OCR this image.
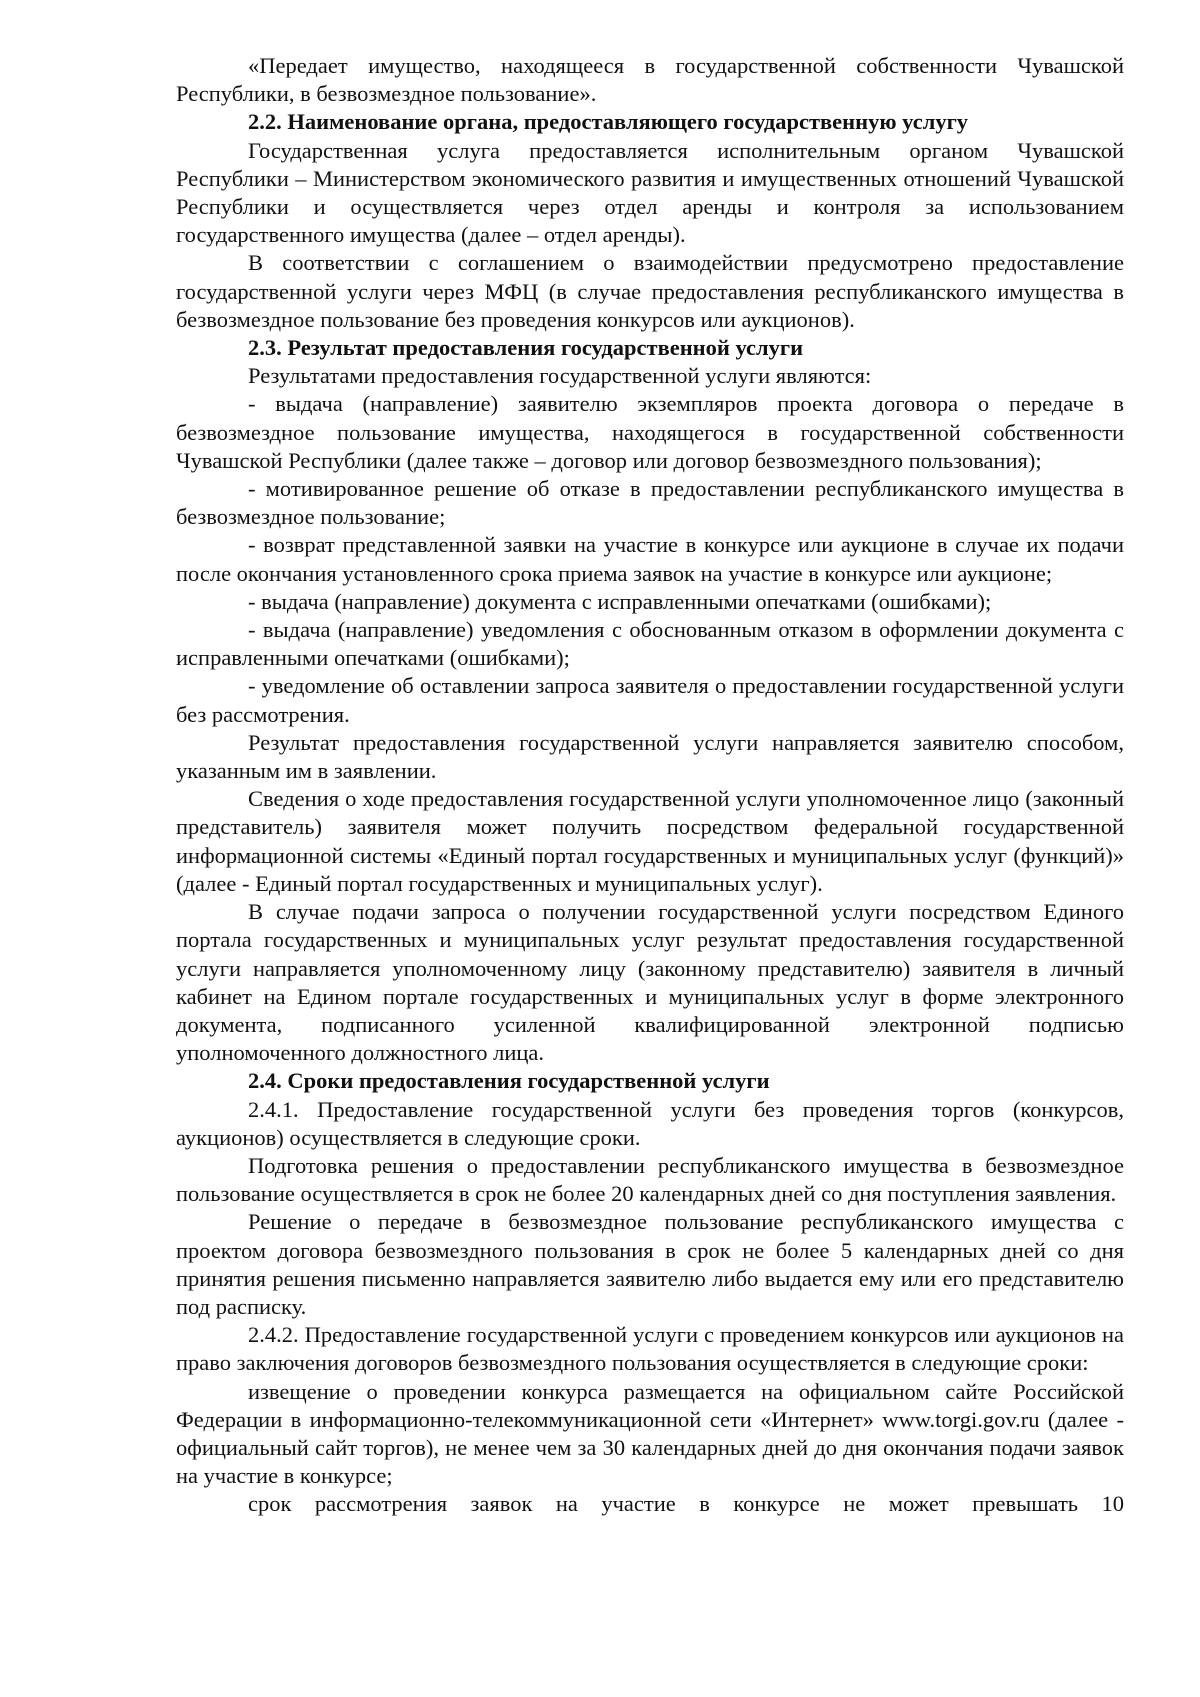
«Передает имущество, находящееся в государственной собственности Чувашской Республики, в безвозмездное пользование».

2.2. Наименование органа, предоставляющего государственную услугу

Государственная услуга предоставляется исполнительным органом Чувашской Республики – Министерством экономического развития и имущественных отношений Чувашской Республики и осуществляется через отдел аренды и контроля за использованием государственного имущества (далее – отдел аренды).

В соответствии с соглашением о взаимодействии предусмотрено предоставление государственной услуги через МФЦ (в случае предоставления республиканского имущества в безвозмездное пользование без проведения конкурсов или аукционов).

2.3. Результат предоставления государственной услуги

Результатами предоставления государственной услуги являются:

- выдача (направление) заявителю экземпляров проекта договора о передаче в безвозмездное пользование имущества, находящегося в государственной собственности Чувашской Республики (далее также – договор или договор безвозмездного пользования);

- мотивированное решение об отказе в предоставлении республиканского имущества в безвозмездное пользование;

- возврат представленной заявки на участие в конкурсе или аукционе в случае их подачи после окончания установленного срока приема заявок на участие в конкурсе или аукционе;

- выдача (направление) документа с исправленными опечатками (ошибками);

- выдача (направление) уведомления с обоснованным отказом в оформлении документа с исправленными опечатками (ошибками);

- уведомление об оставлении запроса заявителя о предоставлении государственной услуги без рассмотрения.

Результат предоставления государственной услуги направляется заявителю способом, указанным им в заявлении.

Сведения о ходе предоставления государственной услуги уполномоченное лицо (законный представитель) заявителя может получить посредством федеральной государственной информационной системы «Единый портал государственных и муниципальных услуг (функций)» (далее - Единый портал государственных и муниципальных услуг).

В случае подачи запроса о получении государственной услуги посредством Единого портала государственных и муниципальных услуг результат предоставления государственной услуги направляется уполномоченному лицу (законному представителю) заявителя в личный кабинет на Едином портале государственных и муниципальных услуг в форме электронного документа, подписанного усиленной квалифицированной электронной подписью уполномоченного должностного лица.

2.4. Сроки предоставления государственной услуги

2.4.1. Предоставление государственной услуги без проведения торгов (конкурсов, аукционов) осуществляется в следующие сроки.

Подготовка решения о предоставлении республиканского имущества в безвозмездное пользование осуществляется в срок не более 20 календарных дней со дня поступления заявления.

Решение о передаче в безвозмездное пользование республиканского имущества с проектом договора безвозмездного пользования в срок не более 5 календарных дней со дня принятия решения письменно направляется заявителю либо выдается ему или его представителю под расписку.

2.4.2. Предоставление государственной услуги с проведением конкурсов или аукционов на право заключения договоров безвозмездного пользования осуществляется в следующие сроки:

извещение о проведении конкурса размещается на официальном сайте Российской Федерации в информационно-телекоммуникационной сети «Интернет» www.torgi.gov.ru (далее - официальный сайт торгов), не менее чем за 30 календарных дней до дня окончания подачи заявок на участие в конкурсе;

срок рассмотрения заявок на участие в конкурсе не может превышать 10
